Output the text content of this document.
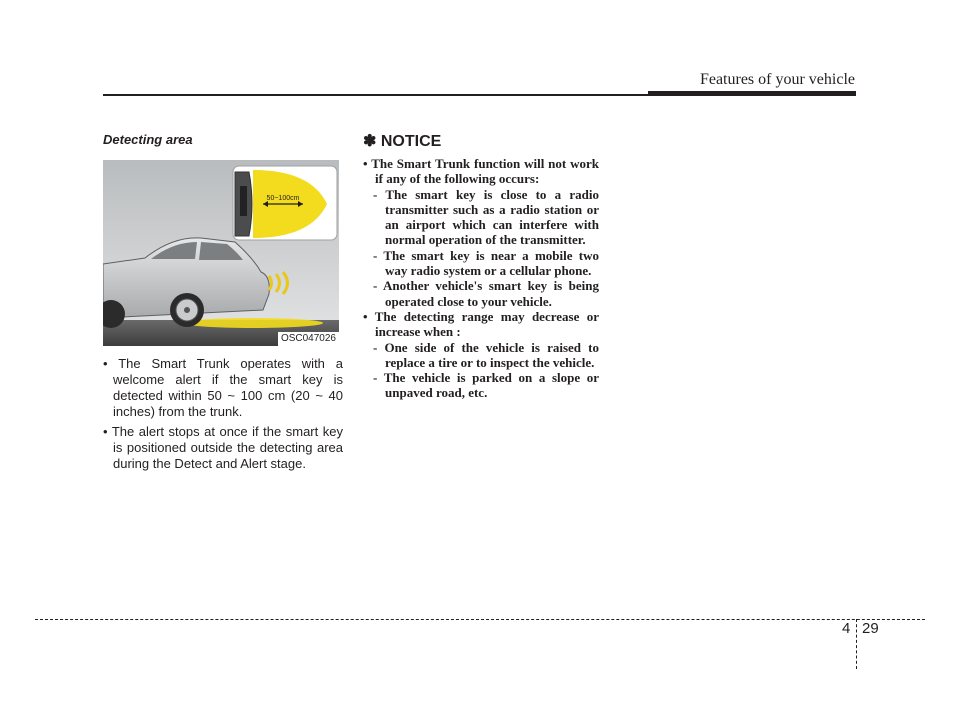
Features of your vehicle
Detecting area
50~100cm
OSC047026
• The Smart Trunk operates with a welcome alert if the smart key is detected within 50 ~ 100 cm (20 ~ 40 inches) from the trunk.
• The alert stops at once if the smart key is positioned outside the detecting area during the Detect and Alert stage.
✽ NOTICE

• The Smart Trunk function will not work if any of the following occurs:

- The smart key is close to a radio transmitter such as a radio station or an airport which can interfere with normal operation of the transmitter.

- The smart key is near a mobile two way radio system or a cellular phone.

- Another vehicle's smart key is being operated close to your vehicle.

• The detecting range may decrease or increase when :

- One side of the vehicle is raised to replace a tire or to inspect the vehicle.

- The vehicle is parked on a slope or unpaved road, etc.

4 29
